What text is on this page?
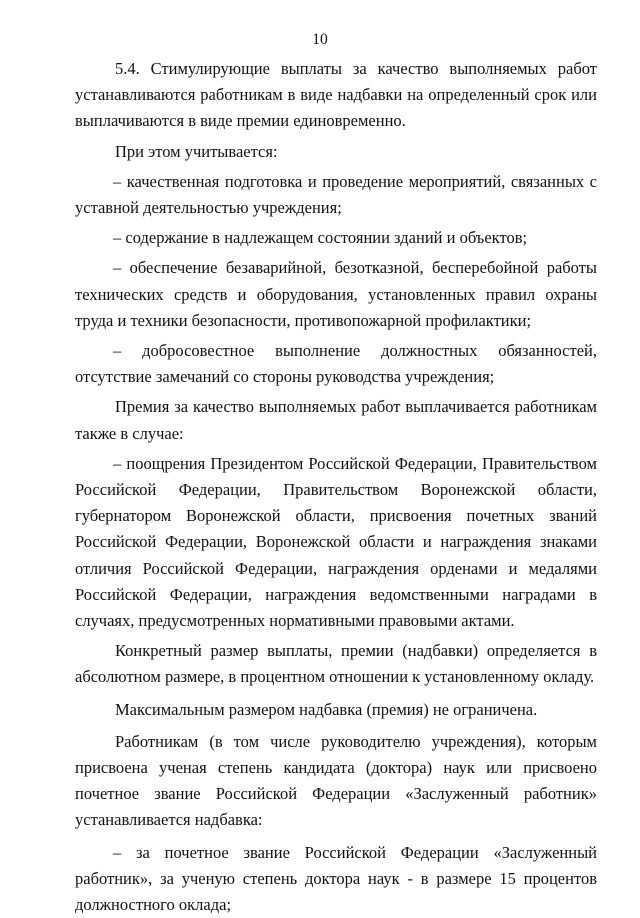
10

5.4. Стимулирующие выплаты за качество выполняемых работ устанавливаются работникам в виде надбавки на определенный срок или выплачиваются в виде премии единовременно.

При этом учитывается:

– качественная подготовка и проведение мероприятий, связанных с уставной деятельностью учреждения;

– содержание в надлежащем состоянии зданий и объектов;

– обеспечение безаварийной, безотказной, бесперебойной работы технических средств и оборудования, установленных правил охраны труда и техники безопасности, противопожарной профилактики;

– добросовестное выполнение должностных обязанностей, отсутствие замечаний со стороны руководства учреждения;

Премия за качество выполняемых работ выплачивается работникам также в случае:

– поощрения Президентом Российской Федерации, Правительством Российской Федерации, Правительством Воронежской области, губернатором Воронежской области, присвоения почетных званий Российской Федерации, Воронежской области и награждения знаками отличия Российской Федерации, награждения орденами и медалями Российской Федерации, награждения ведомственными наградами в случаях, предусмотренных нормативными правовыми актами.

Конкретный размер выплаты, премии (надбавки) определяется в абсолютном размере, в процентном отношении к установленному окладу.

Максимальным размером надбавка (премия) не ограничена.

Работникам (в том числе руководителю учреждения), которым присвоена ученая степень кандидата (доктора) наук или присвоено почетное звание Российской Федерации «Заслуженный работник» устанавливается надбавка:

– за почетное звание Российской Федерации «Заслуженный работник», за ученую степень доктора наук - в размере 15 процентов должностного оклада;
